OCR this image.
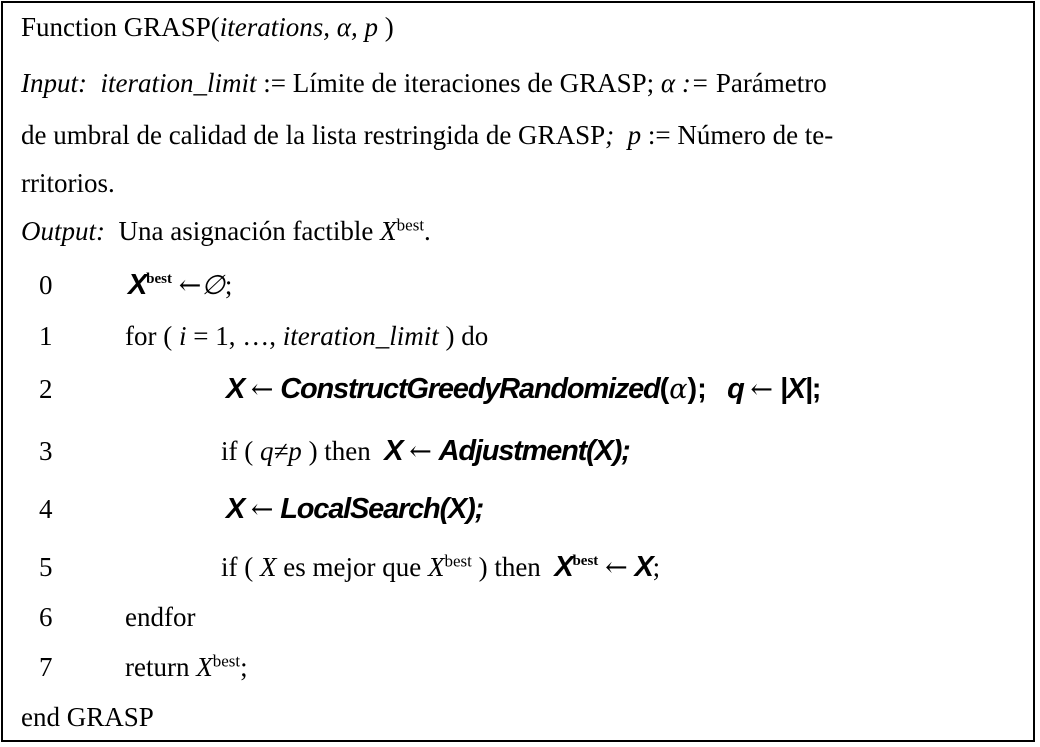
Function GRASP(iterations, α, p )
Input: iteration_limit := Límite de iteraciones de GRASP; α := Parámetro
de umbral de calidad de la lista restringida de GRASP; p := Número de te-
rritorios.
Output: Una asignación factible $X^{best}$.
0	$X^{best}$ ←∅;
1	for ( i = 1, …, iteration_limit ) do
2	X ← ConstructGreedyRandomized(α); q ← |X|;
3	if ( q≠p ) then X ← Adjustment(X);
4	X ← LocalSearch(X);
5	if ( X es mejor que $X^{best}$ ) then $X^{best}$ ← X;
6	endfor
7	return $X^{best}$;
end GRASP
